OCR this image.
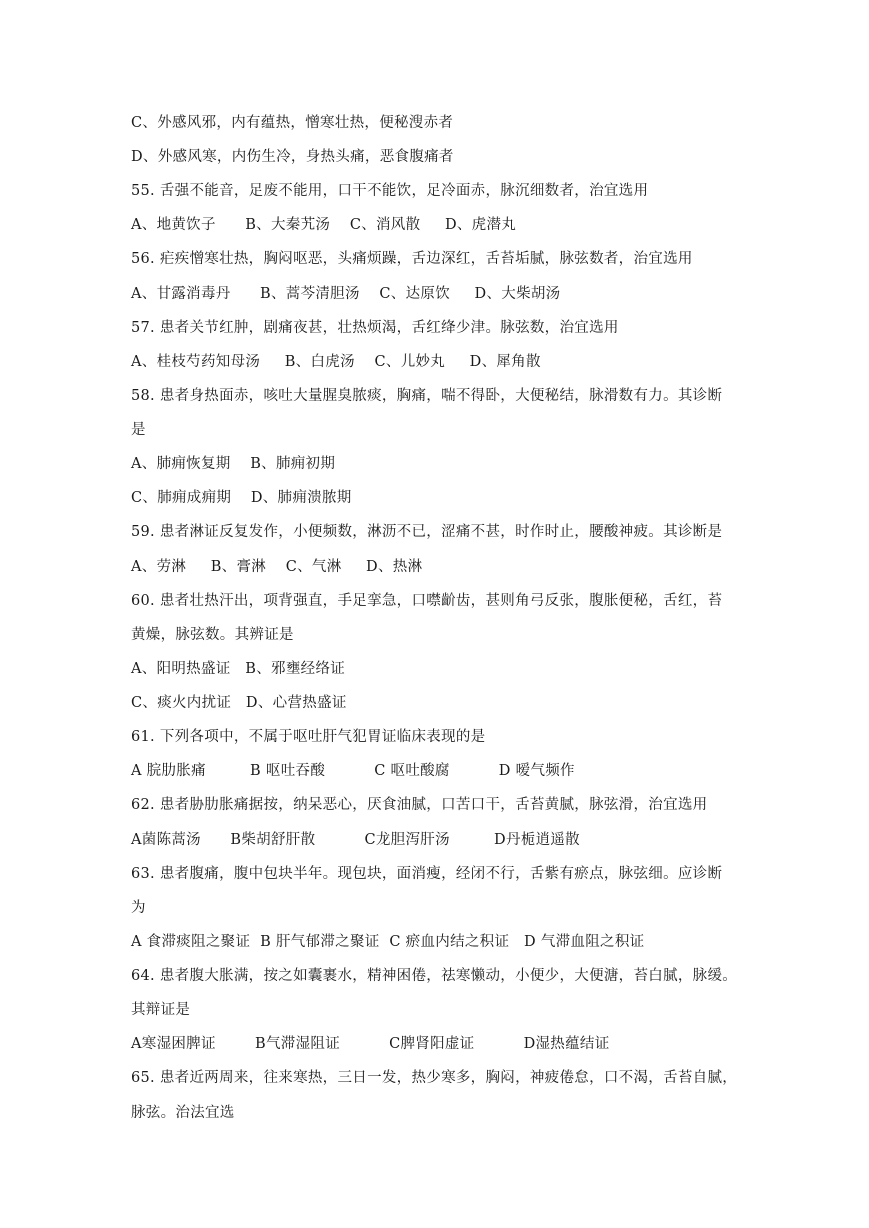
C、外感风邪，内有蕴热，憎寒壮热，便秘溲赤者
D、外感风寒，内伤生冷，身热头痛，恶食腹痛者
55. 舌强不能音，足废不能用，口干不能饮，足冷面赤，脉沉细数者，治宜选用
A、地黄饮子      B、大秦艽汤    C、消风散     D、虎潜丸
56. 疟疾憎寒壮热，胸闷呕恶，头痛烦躁，舌边深红，舌苔垢腻，脉弦数者，治宜选用
A、甘露消毒丹      B、蒿芩清胆汤    C、达原饮     D、大柴胡汤
57. 患者关节红肿，剧痛夜甚，壮热烦渴，舌红绛少津。脉弦数，治宜选用
A、桂枝芍药知母汤     B、白虎汤    C、儿妙丸     D、犀角散
58. 患者身热面赤，咳吐大量腥臭脓痰，胸痛，喘不得卧，大便秘结，脉滑数有力。其诊断
是
A、肺痈恢复期    B、肺痈初期
C、肺痈成痈期    D、肺痈溃脓期
59. 患者淋证反复发作，小便频数，淋沥不已，涩痛不甚，时作时止，腰酸神疲。其诊断是
A、劳淋     B、膏淋    C、气淋     D、热淋
60. 患者壮热汗出，项背强直，手足挛急，口噤齘齿，甚则角弓反张，腹胀便秘，舌红，苔
黄燥，脉弦数。其辨证是
A、阳明热盛证   B、邪壅经络证
C、痰火内扰证   D、心营热盛证
61. 下列各项中，不属于呕吐肝气犯胃证临床表现的是
A 脘肋胀痛         B 呕吐吞酸          C 呕吐酸腐          D 嗳气频作
62. 患者胁肋胀痛据按，纳呆恶心，厌食油腻，口苦口干，舌苔黄腻，脉弦滑，治宜选用
A菌陈蒿汤      B柴胡舒肝散          C龙胆泻肝汤         D丹栀逍遥散
63. 患者腹痛，腹中包块半年。现包块，面消瘦，经闭不行，舌紫有瘀点，脉弦细。应诊断
为
A 食滞痰阻之聚证  B 肝气郁滞之聚证  C 瘀血内结之积证   D 气滞血阻之积证
64. 患者腹大胀满，按之如囊裹水，精神困倦，祛寒懒动，小便少，大便溏，苔白腻，脉缓。
其辩证是
A寒湿困脾证        B气滞湿阻证          C脾肾阳虚证          D湿热蕴结证
65. 患者近两周来，往来寒热，三日一发，热少寒多，胸闷，神疲倦怠，口不渴，舌苔自腻，
脉弦。治法宜选
